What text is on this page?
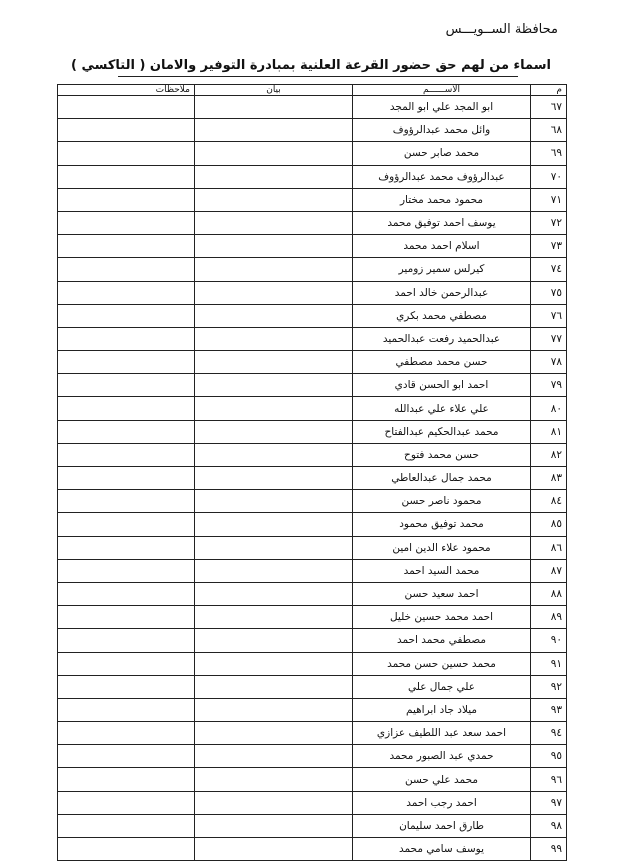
محافظة الســويـــس
اسماء من لهم حق حضور القرعة العلنية بمبادرة التوفير والامان ( التاكسي )
م	الأســــــم	بيان	ملاحظات
٦٧	ابو المجد علي ابو المجد		
٦٨	وائل محمد عبدالرؤوف		
٦٩	محمد صابر حسن		
٧٠	عبدالرؤوف محمد عبدالرؤوف		
٧١	محمود محمد مختار		
٧٢	يوسف احمد توفيق محمد		
٧٣	اسلام احمد محمد		
٧٤	كيرلس سمير زومير		
٧٥	عبدالرحمن خالد احمد		
٧٦	مصطفي محمد بكري		
٧٧	عبدالحميد رفعت عبدالحميد		
٧٨	حسن محمد مصطفي		
٧٩	احمد ابو الحسن قادي		
٨٠	علي علاء علي عبدالله		
٨١	محمد عبدالحكيم عبدالفتاح		
٨٢	حسن محمد فتوح		
٨٣	محمد جمال عبدالعاطي		
٨٤	محمود ناصر حسن		
٨٥	محمد توفيق محمود		
٨٦	محمود علاء الدين امين		
٨٧	محمد السيد احمد		
٨٨	احمد سعيد حسن		
٨٩	احمد محمد حسين خليل		
٩٠	مصطفي محمد احمد		
٩١	محمد حسين حسن محمد		
٩٢	علي جمال علي		
٩٣	ميلاد جاد ابراهيم		
٩٤	احمد سعد عبد اللطيف عزازي		
٩٥	حمدي عبد الصبور محمد		
٩٦	محمد علي حسن		
٩٧	احمد رجب احمد		
٩٨	طارق احمد سليمان		
٩٩	يوسف سامي محمد		
